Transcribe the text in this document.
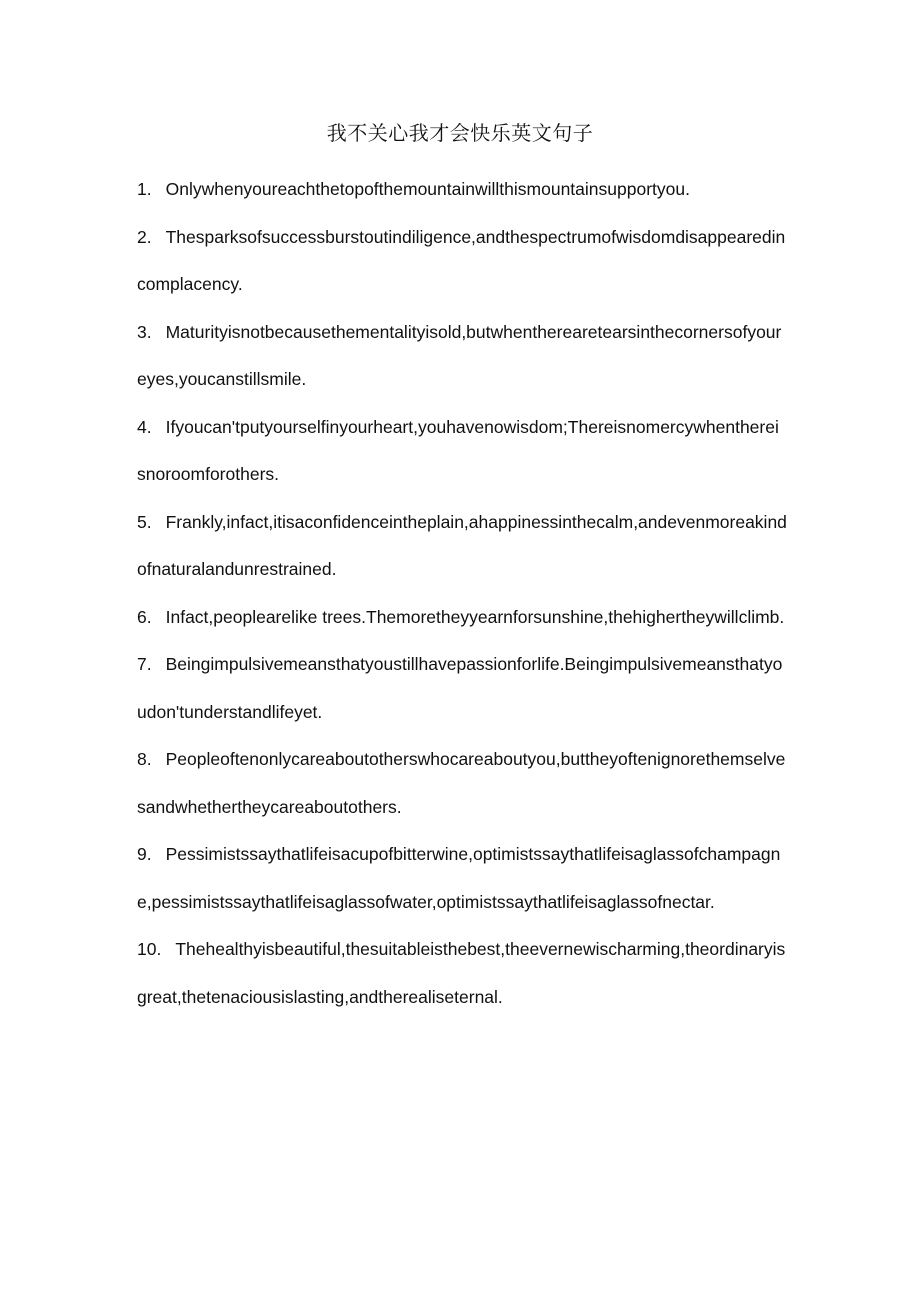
我不关心我才会快乐英文句子
1. Onlywhenyoureachthetopofthemountainwillthismountainsupportyou.
2. Thesparksofsuccessburstoutindiligence,andthespectrumofwisdomdisappearedincomplacency.
3. Maturityisnotbecausethementalityisold,butwhentherearetearsinthecornersofyoureyes,youcanstillsmile.
4. Ifyoucan'tputyourselfinyourheart,youhavenowisdom;Thereisnomercywhenthereisnoroomforothers.
5. Frankly,infact,itisaconfidenceintheplain,ahappinessinthecalm,andevenmoreakindofnaturalandunrestrained.
6. Infact,peoplearelike trees.Themoretheyyearnforsunshine,thehighertheywillclimb.
7. Beingimpulsivemeansthatyoustillhavepassionforlife.Beingimpulsivemeansthatyoudon'tunderstandlifeyet.
8. Peopleoftenonlycareaboutotherswhocareaboutyou,buttheyoftenignorethemselvesandwhethertheycareaboutothers.
9. Pessimistssaythatlifeisacupofbitterwine,optimistssaythatlifeisaglassofchampagne,pessimistssaythatlifeisaglassofwater,optimistssaythatlifeisaglassofnectar.
10. Thehealthyisbeautiful,thesuitableisthebest,theevernewischarming,theordinaryisgreat,thetenaciousislasting,andtherealiseternal.
